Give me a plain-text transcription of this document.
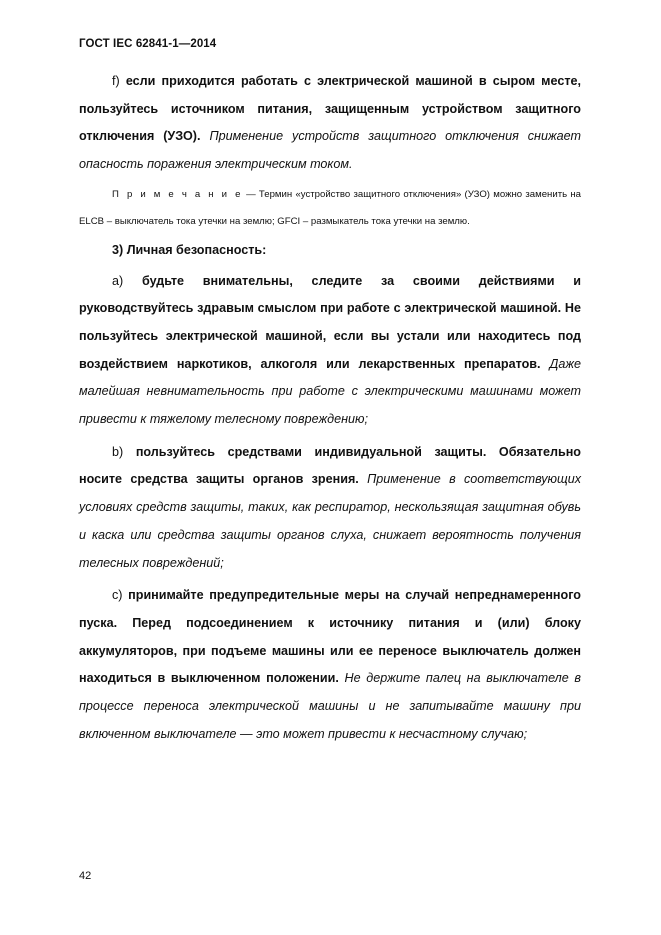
ГОСТ IEC 62841-1—2014

f) если приходится работать с электрической машиной в сыром месте, пользуйтесь источником питания, защищенным устройством защитного отключения (УЗО). Применение устройств защитного отключения снижает опасность поражения электрическим током.

П р и м е ч а н и е — Термин «устройство защитного отключения» (УЗО) можно заменить на ELCB – выключатель тока утечки на землю; GFCI – размыкатель тока утечки на землю.

3) Личная безопасность:

a) будьте внимательны, следите за своими действиями и руководствуйтесь здравым смыслом при работе с электрической машиной. Не пользуйтесь электрической машиной, если вы устали или находитесь под воздействием наркотиков, алкоголя или лекарственных препаратов. Даже малейшая невнимательность при работе с электрическими машинами может привести к тяжелому телесному повреждению;

b) пользуйтесь средствами индивидуальной защиты. Обязательно носите средства защиты органов зрения. Применение в соответствующих условиях средств защиты, таких, как респиратор, нескользящая защитная обувь и каска или средства защиты органов слуха, снижает вероятность получения телесных повреждений;

c) принимайте предупредительные меры на случай непреднамеренного пуска. Перед подсоединением к источнику питания и (или) блоку аккумуляторов, при подъеме машины или ее переносе выключатель должен находиться в выключенном положении. Не держите палец на выключателе в процессе переноса электрической машины и не запитывайте машину при включенном выключателе — это может привести к несчастному случаю;

42
